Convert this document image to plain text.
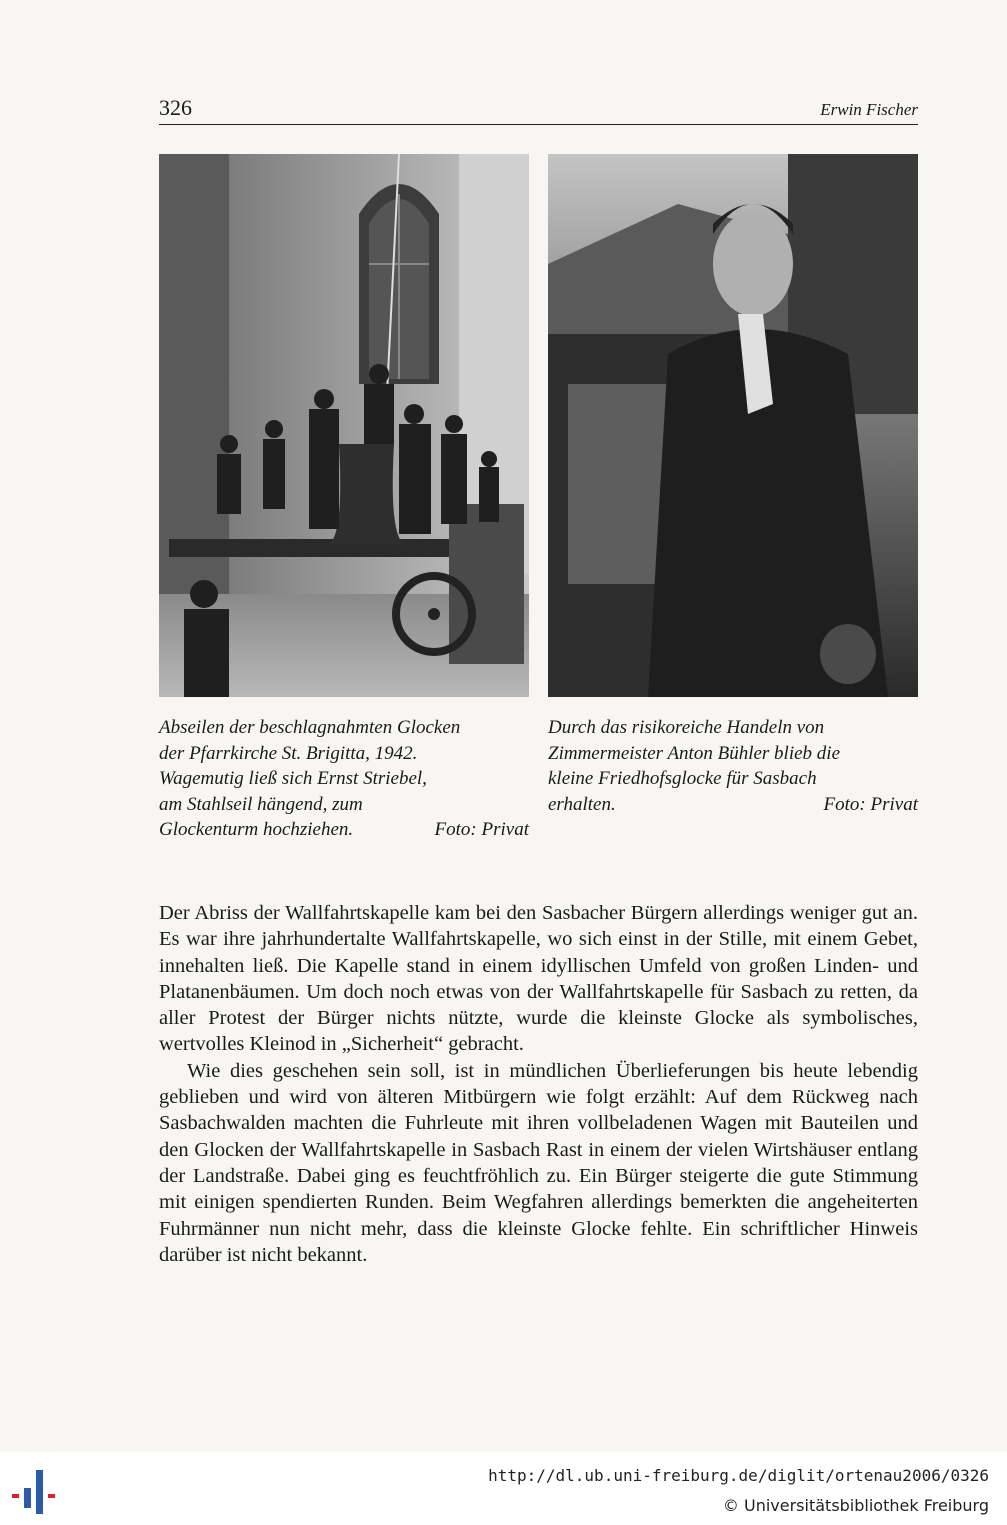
326	Erwin Fischer
Abseilen der beschlagnahmten Glocken
der Pfarrkirche St. Brigitta, 1942.
Wagemutig ließ sich Ernst Striebel,
am Stahlseil hängend, zum
Glockenturm hochziehen.	Foto: Privat
Durch das risikoreiche Handeln von
Zimmermeister Anton Bühler blieb die
kleine Friedhofsglocke für Sasbach
erhalten.	Foto: Privat

Der Abriss der Wallfahrtskapelle kam bei den Sasbacher Bürgern allerdings weniger gut an. Es war ihre jahrhundertalte Wallfahrtskapelle, wo sich einst in der Stille, mit einem Gebet, innehalten ließ. Die Kapelle stand in einem idyllischen Umfeld von großen Linden- und Platanenbäumen. Um doch noch etwas von der Wallfahrtskapelle für Sasbach zu retten, da aller Protest der Bürger nichts nützte, wurde die kleinste Glocke als symbolisches, wertvolles Kleinod in „Sicherheit“ gebracht.

Wie dies geschehen sein soll, ist in mündlichen Überlieferungen bis heute lebendig geblieben und wird von älteren Mitbürgern wie folgt erzählt: Auf dem Rückweg nach Sasbachwalden machten die Fuhrleute mit ihren vollbeladenen Wagen mit Bauteilen und den Glocken der Wallfahrtskapelle in Sasbach Rast in einem der vielen Wirtshäuser entlang der Landstraße. Dabei ging es feuchtfröhlich zu. Ein Bürger steigerte die gute Stimmung mit einigen spendierten Runden. Beim Wegfahren allerdings bemerkten die angeheiterten Fuhrmänner nun nicht mehr, dass die kleinste Glocke fehlte. Ein schriftlicher Hinweis darüber ist nicht bekannt.

http://dl.ub.uni-freiburg.de/diglit/ortenau2006/0326
© Universitätsbibliothek Freiburg
